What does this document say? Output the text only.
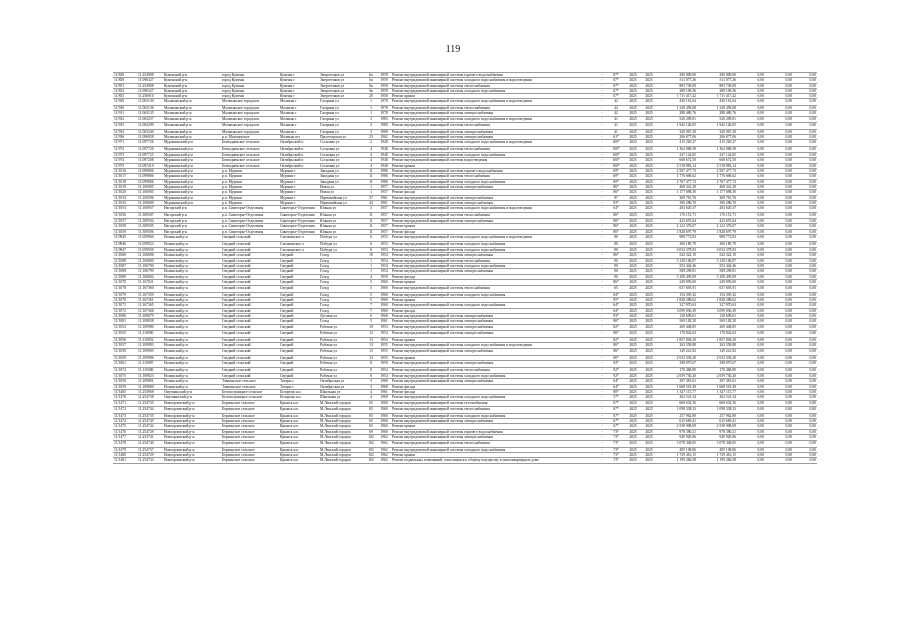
119
11/849	11.254908	Куменский р-н	город Кумены	Кумены г	Энергетиков ул	6а	1959	Ремонт внутридомовой инженерной системы горячего водоснабжения	-	87*	2025	2025	290 000,00	290 000,00	0,00	0,00	0,00
11/850	11.096327	Куменский р-н	город Кумены	Кумены г	Энергетиков ул	6а	1959	Ремонт внутридомовой инженерной системы холодного водоснабжения и водоотведения	-	87*	2025	2025	511 077,26	511 077,26	0,00	0,00	0,00
11/851	11.254908	Куменский р-н	город Кумены	Кумены г	Энергетиков ул	6в	1958	Ремонт внутридомовой инженерной системы теплоснабжения	-	87*	2025	2025	883 738,09	883 738,09	0,00	0,00	0,00
11/852	11.096327	Куменский р-н	город Кумены	Кумены г	Энергетиков ул	6в	1958	Ремонт внутридомовой инженерной системы холодного водоснабжения	-	67*	2025	2025	289 109,36	289 109,36	0,00	0,00	0,00
11/853	11.256910	Куменский р-н	город Кумены	Кумены г	Энергетиков ул	20	1958	Ремонт крыши	-	67*	2025	2025	1 711 417,42	1 711 417,42	0,00	0,00	0,00
11/929	11.063130	Малмыжский р-н	Малмыжское городское	Малмыж г	Гагарина ул	1	1978	Ремонт внутридомовой инженерной системы холодного водоснабжения и водоотведения	-	42	2025	2025	430 161,64	430 161,64	0,00	0,00	0,00
11/930	11.063136	Малмыжский р-н	Малмыжское городское	Малмыж г	Гагарина ул	1	1978	Ремонт внутридомовой инженерной системы теплоснабжения	-	42	2025	2025	1 349 458,08	1 349 458,08	0,00	0,00	0,00
11/931	11.063135	Малмыжский р-н	Малмыжское городское	Малмыж г	Гагарина ул	1	1978	Ремонт внутридомовой инженерной системы электроснабжения	-	42	2025	2025	288 480,76	288 480,76	0,00	0,00	0,00
11/932	11.063257	Малмыжский р-н	Малмыжское городское	Малмыж г	Гагарина ул	3	1983	Ремонт внутридомовой инженерной системы холодного водоснабжения и водоотведения	-	41	2025	2025	520 209,81	520 209,81	0,00	0,00	0,00
11/933	11.063209	Малмыжский р-н	Малмыжское городское	Малмыж г	Гагарина ул	3	1980	Ремонт внутридомовой инженерной системы теплоснабжения	-	41	2025	2025	1 942 126,05	1 942 126,05	0,00	0,00	0,00
11/934	11.063240	Малмыжский р-н	Малмыжское городское	Малмыж г	Гагарина ул	3	1980	Ремонт внутридомовой инженерной системы электроснабжения	-	41	2025	2025	320 067,29	320 067,29	0,00	0,00	0,00
11/936	11.096838	Малмыжский р-н	р.п. Малмыжское	Малмыж пгт	Пролетарская ул	23	1962	Ремонт внутридомовой инженерной системы электроснабжения	-	61*	2025	2025	206 877,06	206 877,06	0,00	0,00	0,00
11/971	11.097726	Мурашинский р-н	Безводненское сельское	Октябрьский п	Сосновая ул	2	1948	Ремонт внутридомовой инженерной системы холодного водоснабжения и водоотведения	-	100*	2025	2025	415 220,27	415 220,27	0,00	0,00	0,00
11/972	11.097726	Мурашинский р-н	Безводненское сельское	Октябрьский п	Сосновая ул	4	1948	Ремонт внутридомовой инженерной системы теплоснабжения	-	100*	2025	2025	1 364 068,58	1 364 068,58	0,00	0,00	0,00
11/973	11.097725	Мурашинский р-н	Безводненское сельское	Октябрьский п	Сосновая ул	4	1948	Ремонт внутридомовой инженерной системы холодного водоснабжения	-	100*	2025	2025	247 142,05	247 142,05	0,00	0,00	0,00
11/974	11.097208	Мурашинский р-н	Безводненское сельское	Октябрьский п	Сосновая ул	4	1948	Ремонт внутридомовой инженерной системы водоотведения	-	100*	2025	2025	668 672,50	668 672,50	0,00	0,00	0,00
11/975	11.097210	Мурашинский р-н	Безводненское сельское	Октябрьский п	Сосновая ул	4	1948	Ремонт крыши	-	100*	2025	2025	2 518 883,14	2 518 883,14	0,00	0,00	0,00
11/1016	11.099806	Мурашинский р-н	р.п. Мураши	Мураши г	Западная ул	11	1986	Ремонт внутридомовой инженерной системы горячего водоснабжения	-	69*	2025	2025	2 567 477,73	2 567 477,73	0,00	0,00	0,00
11/1017	11.099806	Мурашинский р-н	р.п. Мураши	Мураши г	Западная ул	11	1986	Ремонт внутридомовой инженерной системы теплоснабжения	-	69*	2025	2025	1 776 606,62	1 776 606,62	0,00	0,00	0,00
11/1018	11.099806	Мурашинский р-н	р.п. Мураши	Мураши г	Западная ул	11	1986	Ремонт внутридомовой инженерной системы холодного водоснабжения	-	69*	2025	2025	2 767 477,73	2 767 477,73	0,00	0,00	0,00
11/1019	11.100085	Мурашинский р-н	р.п. Мураши	Мураши г	Новая ул	1	1957	Ремонт внутридомовой инженерной системы электроснабжения	-	86*	2025	2025	468 341,29	468 341,29	0,00	0,00	0,00
11/1020	11.100085	Мурашинский р-н	р.п. Мураши	Мураши г	Новая ул	1	1957	Ремонт фасада	-	86*	2025	2025	1 177 698,50	1 177 698,50	0,00	0,00	0,00
11/1034	11.100596	Мурашинский р-н	р.п. Мураши	Мураши г	Первомайская ул	37	1961	Ремонт внутридомовой инженерной системы электроснабжения	-	87	2025	2025	369 761,76	369 761,76	0,00	0,00	0,00
11/1035	11.100609	Мурашинский р-н	р.п. Мураши	Мураши г	Первомайская ул	44	1961	Ремонт внутридомовой инженерной системы электроснабжения	-	93*	2025	2025	396 286,70	396 286,70	0,00	0,00	0,00
11/1053	11.100937	Нагорский р-н	р.п. Синегорье-Отделения	Синегорье-Отделения	Южная ул	3	1957	Ремонт внутридомовой инженерной системы холодного водоснабжения и водоотведения	-	64*	2025	2025	283 620,37	283 620,37	0,00	0,00	0,00
11/1056	11.309507	Нагорский р-н	р.п. Синегорье-Отделения	Синегорье-Отделения	Южная ул	11	1957	Ремонт внутридомовой инженерной системы теплоснабжения	-	86*	2025	2025	170 151,71	170 151,71	0,00	0,00	0,00
11/1057	11.309504	Нагорский р-н	р.п. Синегорье-Отделения	Синегорье-Отделения	Южная ул	11	1957	Ремонт внутридомовой инженерной системы электроснабжения	-	86*	2025	2025	423 655,64	423 655,64	0,00	0,00	0,00
11/1058	11.309505	Нагорский р-н	р.п. Синегорье-Отделения	Синегорье-Отделения	Южная ул	11	1957	Ремонт крыши	-	86*	2025	2025	2 122 376,07	2 122 376,07	0,00	0,00	0,00
11/1059	11.309506	Нагорский р-н	р.п. Синегорье-Отделения	Синегорье-Отделения	Южная ул	11	1957	Ремонт фасада	-	86*	2025	2025	1 828 697,79	1 828 697,79	0,00	0,00	0,00
11/0945	11.059960	Нолинский р-н	Сведкий сельский	Съезжинское п	Победы ул	6	1953	Ремонт внутридомовой инженерной системы холодного водоснабжения и водоотведения	-	80	2025	2025	988 773,83	988 773,83	0,00	0,00	0,00
11/0946	11.059923	Нолинский р-н	Сведкий сельский	Съезжинское п	Победы ул	6	1953	Ремонт внутридомовой инженерной системы холодного водоснабжения	-	80	2025	2025	206 180,79	206 180,79	0,00	0,00	0,00
11/0947	11.059930	Нолинский р-н	Сведкий сельский	Съезжинское п	Победы ул	6	1953	Ремонт внутридомовой инженерной системы холодного водоснабжения	-	80	2025	2025	3 032 378,93	3 032 378,93	0,00	0,00	0,00
11/1068	11.106806	Нолинский р-н	Сведкий сельский	Сведкий	Голод	10	1954	Ремонт внутридомовой инженерной системы электроснабжения	-	86*	2025	2025	542 322,19	542 322,19	0,00	0,00	0,00
11/1088	11.106800	Нолинский р-н	Сведкий сельский	Сведкий	Голод	1	1954	Ремонт внутридомовой инженерной системы теплоснабжения	-	90	2025	2025	3 138 100,07	3 138 100,07	0,00	0,00	0,00
11/1087	11.106790	Нолинский р-н	Сведкий сельский	Сведкий	Голод	1	1954	Ремонт внутридомовой инженерной системы холодного водоснабжения	-	90	2025	2025	553 444,46	553 444,46	0,00	0,00	0,00
11/1088	11.106799	Нолинский р-н	Сведкий сельский	Сведкий	Голод	1	1954	Ремонт внутридомовой инженерной системы электроснабжения	-	90	2025	2025	588 299,81	588 299,81	0,00	0,00	0,00
11/1089	11.106804	Нолинский р-н	Сведкий сельский	Сведкий	Голод	4	1959	Ремонт фасада	-	90	2025	2025	3 108 495,09	3 108 495,09	0,00	0,00	0,00
11/1078	11.167021	Нолинский р-н	Сведкий сельский	Сведкий	Голод	5	1960	Ремонт крыши	-	86*	2025	2025	249 859,60	249 859,60	0,00	0,00	0,00
11/1078	11.167360	Нолинский р-н	Сведкий сельский	Сведкий	Голод	5	1960	Ремонт внутридомовой инженерной системы теплоснабжения	-	65	2025	2025	657 693,91	657 693,91	0,00	0,00	0,00
11/1079	11.167359	Нолинский р-н	Сведкий сельский	Сведкий	Голод	5	1960	Ремонт внутридомовой инженерной системы холодного водоснабжения	-	84*	2025	2025	154 395,32	154 395,32	0,00	0,00	0,00
11/1070	11.167361	Нолинский р-н	Сведкий сельский	Сведкий	Голод	5	1960	Ремонт крыши	-	85*	2025	2025	1 828 288,62	1 828 288,62	0,00	0,00	0,00
11/1071	11.167365	Нолинский р-н	Сведкий сельский	Сведкий	Голод	7	1960	Ремонт внутридомовой инженерной системы холодного водоснабжения	-	64*	2025	2025	327 970,63	327 970,63	0,00	0,00	0,00
11/1072	11.167366	Нолинский р-н	Сведкий сельский	Сведкий	Голод	7	1960	Ремонт фасада	-	64*	2025	2025	3 099 036,39	3 099 036,39	0,00	0,00	0,00
11/1080	11.108079	Нолинский р-н	Сведкий сельский	Сведкий	Луговая ул	6	1960	Ремонт внутридомовой инженерной системы электроснабжения	-	83*	2025	2025	138 609,01	138 609,01	0,00	0,00	0,00
11/1081	11.108838	Нолинский р-н	Сведкий сельский	Сведкий	Голод	5	1961	Ремонт внутридомовой инженерной системы электроснабжения	-	86*	2025	2025	569 182,50	569 182,50	0,00	0,00	0,00
11/1052	11.109980	Нолинский р-н	Сведкий сельский	Сведкий	Рабочая ул	10	1953	Ремонт внутридомовой инженерной системы электроснабжения	-	82*	2025	2025	269 448,85	269 448,85	0,00	0,00	0,00
11/1055	11.110050	Нолинский р-н	Сведкий сельский	Сведкий	Рабочая ул	13	1954	Ремонт внутридомовой инженерной системы электроснабжения	-	86*	2025	2025	170 842,63	170 842,63	0,00	0,00	0,00
11/1056	11.110052	Нолинский р-н	Сведкий сельский	Сведкий	Рабочая ул	13	1954	Ремонт крыши	-	82*	2025	2025	1 857 094,29	1 857 094,29	0,00	0,00	0,00
11/1057	11.109983	Нолинский р-н	Сведкий сельский	Сведкий	Рабочая ул	13	1955	Ремонт внутридомовой инженерной системы холодного водоснабжения и водоотведения	-	86*	2025	2025	263 558,88	263 558,88	0,00	0,00	0,00
11/1058	11.109985	Нолинский р-н	Сведкий сельский	Сведкий	Рабочая ул	13	1955	Ремонт внутридомовой инженерной системы электроснабжения	-	86*	2025	2025	149 241,82	149 241,82	0,00	0,00	0,00
11/1059	11.109986	Нолинский р-н	Сведкий сельский	Сведкий	Рабочая ул	13	1955	Ремонт крыши	-	86*	2025	2025	2 632 336,20	2 632 336,20	0,00	0,00	0,00
11/1061	11.110087	Нолинский р-н	Сведкий сельский	Сведкий	Рабочая ул	8	1959	Ремонт внутридомовой инженерной системы электроснабжения	-	92*	2025	2025	298 057,67	298 057,67	0,00	0,00	0,00
11/1074	11.110306	Нолинский р-н	Сведкий сельский	Сведкий	Рабочая ул	8	1954	Ремонт внутридомовой инженерной системы теплоснабжения	-	92*	2025	2025	170 468,80	170 468,80	0,00	0,00	0,00
11/1075	11.109823	Нолинский р-н	Сведкий сельский	Сведкий	Рабочая ул	8	1954	Ремонт внутридомовой инженерной системы холодного водоснабжения	-	92*	2025	2025	2 059 730,20	2 059 730,20	0,00	0,00	0,00
11/1058	11.109801	Нолинский р-н	Тавшинское сельское	Татары с	Октябрьская ул	3	1968	Ремонт внутридомовой инженерной системы электроснабжения	-	64*	2025	2025	297 381,61	297 381,61	0,00	0,00	0,00
11/1059	11.109800	Нолинский р-н	Тавшинское сельское	Татары с	Октябрьская ул	3	1968	Ремонт фасада	-	64*	2025	2025	1 608 518,38	1 608 518,38	0,00	0,00	0,00
11/1405	11.253968	Омутнинский р-н	Белохолуницкое сельское	Белорецк н.п.	Школьная ул	4	1961	Ремонт фасада	-	88*	2025	2025	1 327 115,77	1 327 115,77	0,00	0,00	0,00
11/1470	11.254738	Омутнинский р-н	Белохолуницкое сельское	Белорецк н.п.	Школьная ул	4	1969	Ремонт внутридомовой инженерной системы холодного водоснабжения	-	57*	2025	2025	262 541,34	262 541,34	0,00	0,00	0,00
11/1471	11.254735	Новоорловский р-н	Берлинское сельское	Крымск н.п	М.Ленский городок	65	1960	Ремонт внутридомовой инженерной системы газоснабжения	-	67*	2025	2025	668 632,36	668 632,36	0,00	0,00	0,00
11/1472	11.254744	Новоорловский р-н	Берлинское сельское	Крымск н.п	М.Ленский городок	65	1960	Ремонт внутридомовой инженерной системы теплоснабжения	-	67*	2025	2025	1 098 338,33	1 098 338,33	0,00	0,00	0,00
11/1473	11.254735	Новоорловский р-н	Берлинское сельское	Крымск н.п	М.Ленский городок	65	1960	Ремонт внутридомовой инженерной системы холодного водоснабжения	-	67*	2025	2025	257 962,80	257 962,80	0,00	0,00	0,00
11/1474	11.254745	Новоорловский р-н	Берлинское сельское	Крымск н.п	М.Ленский городок	65	1960	Ремонт внутридомовой инженерной системы электроснабжения	-	67*	2025	2025	615 669,41	615 669,41	0,00	0,00	0,00
11/1475	11.254742	Новоорловский р-н	Берлинское сельское	Крымск н.п	М.Ленский городок	65	1960	Ремонт крыши	-	67*	2025	2025	2 538 908,09	2 538 908,09	0,00	0,00	0,00
11/1476	11.254729	Новоорловский р-н	Берлинское сельское	Крымск н.п	М.Ленский городок	69	1960	Ремонт внутридомовой инженерной системы горячего водоснабжения	-	73*	2025	2025	978 380,21	978 380,21	0,00	0,00	0,00
11/1477	11.253741	Новоорловский р-н	Берлинское сельское	Крымск н.п	М.Ленский городок	102	1962	Ремонт внутридомовой инженерной системы электроснабжения	-	73*	2025	2025	940 920,96	940 920,96	0,00	0,00	0,00
11/1478	11.254740	Новоорловский р-н	Берлинское сельское	Крымск н.п	М.Ленский городок	102	1962	Ремонт внутридомовой инженерной системы теплоснабжения	-	73*	2025	2025	5 078 348,05	5 078 348,05	0,00	0,00	0,00
11/1479	11.254737	Новоорловский р-н	Берлинское сельское	Крымск н.п	М.Ленский городок	102	1962	Ремонт внутридомовой инженерной системы холодного водоснабжения	-	73*	2025	2025	485 108,86	485 108,86	0,00	0,00	0,00
11/1480	11.254729	Новоорловский р-н	Берлинское сельское	Крымск н.п	М.Ленский городок	102	1962	Ремонт крыши	-	73*	2025	2025	1 729 416,15	1 729 416,15	0,00	0,00	0,00
11/1481	11.254733	Новоорловский р-н	Берлинское сельское	Крымск н.п	М.Ленский городок	102	1962	Ремонт подвальных помещений, относящихся к общему имуществу в многоквартирном доме	-	73*	2025	2025	1 199 266,58	1 199 266,58	0,00	0,00	0,00
